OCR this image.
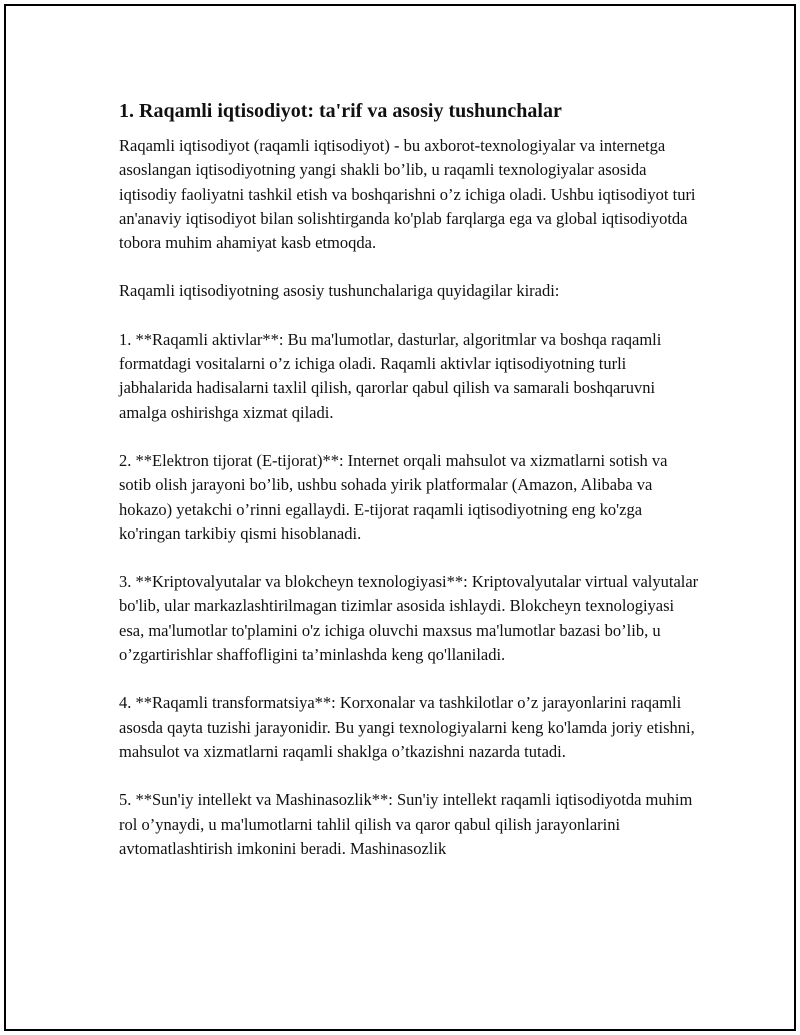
1. Raqamli iqtisodiyot: ta'rif va asosiy tushunchalar

Raqamli iqtisodiyot (raqamli iqtisodiyot) - bu axborot-texnologiyalar va internetga asoslangan iqtisodiyotning yangi shakli bo’lib, u raqamli texnologiyalar asosida iqtisodiy faoliyatni tashkil etish va boshqarishni o’z ichiga oladi. Ushbu iqtisodiyot turi an'anaviy iqtisodiyot bilan solishtirganda ko'plab farqlarga ega va global iqtisodiyotda tobora muhim ahamiyat kasb etmoqda.

Raqamli iqtisodiyotning asosiy tushunchalariga quyidagilar kiradi:

1. **Raqamli aktivlar**: Bu ma'lumotlar, dasturlar, algoritmlar va boshqa raqamli formatdagi vositalarni o’z ichiga oladi. Raqamli aktivlar iqtisodiyotning turli jabhalarida hadisalarni taxlil qilish, qarorlar qabul qilish va samarali boshqaruvni amalga oshirishga xizmat qiladi.

2. **Elektron tijorat (E-tijorat)**: Internet orqali mahsulot va xizmatlarni sotish va sotib olish jarayoni bo’lib, ushbu sohada yirik platformalar (Amazon, Alibaba va hokazo) yetakchi o’rinni egallaydi. E-tijorat raqamli iqtisodiyotning eng ko'zga ko'ringan tarkibiy qismi hisoblanadi.

3. **Kriptovalyutalar va blokcheyn texnologiyasi**: Kriptovalyutalar virtual valyutalar bo'lib, ular markazlashtirilmagan tizimlar asosida ishlaydi. Blokcheyn texnologiyasi esa, ma'lumotlar to'plamini o'z ichiga oluvchi maxsus ma'lumotlar bazasi bo’lib, u o’zgartirishlar shaffofligini ta’minlashda keng qo'llaniladi.

4. **Raqamli transformatsiya**: Korxonalar va tashkilotlar o’z jarayonlarini raqamli asosda qayta tuzishi jarayonidir. Bu yangi texnologiyalarni keng ko'lamda joriy etishni, mahsulot va xizmatlarni raqamli shaklga o’tkazishni nazarda tutadi.

5. **Sun'iy intellekt va Mashinasozlik**: Sun'iy intellekt raqamli iqtisodiyotda muhim rol o’ynaydi, u ma'lumotlarni tahlil qilish va qaror qabul qilish jarayonlarini avtomatlashtirish imkonini beradi. Mashinasozlik
